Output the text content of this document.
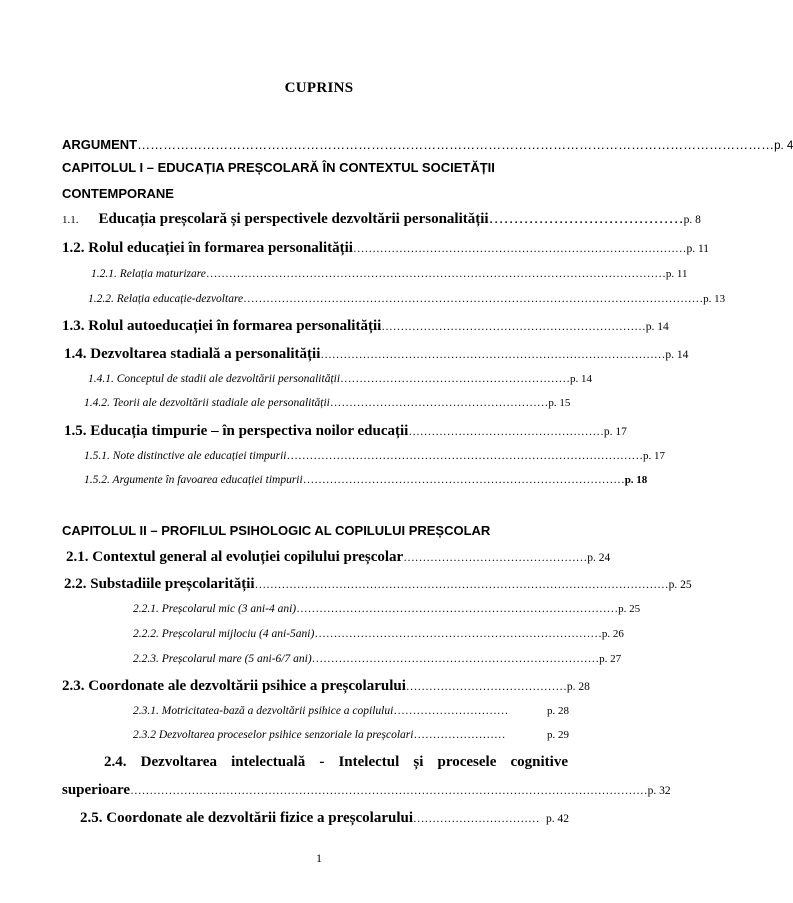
CUPRINS
ARGUMENT ………………………………………………………………………………………………………………………………… p. 4
CAPITOLUL I – EDUCAȚIA PREȘCOLARĂ ÎN CONTEXTUL SOCIETĂȚII
CONTEMPORANE
1.1. Educația preșcolară și perspectivele dezvoltării personalității ………………………………… p. 8
1.2. Rolul educației în formarea personalității …………………………………………………………………………… p. 11
1.2.1. Relația maturizare ………………………………………………………………………………………………………… p. 11
1.2.2. Relația educație-dezvoltare ………………………………………………………………………………………………………… p. 13
1.3. Rolul autoeducației în formarea personalității …………………………………………………………… p. 14
1.4. Dezvoltarea stadială a personalității ……………………………………………………………………………… p. 14
1.4.1. Conceptul de stadii ale dezvoltării personalității …………………………………………………… p. 14
1.4.2. Teorii ale dezvoltării stadiale ale personalității ………………………………………………… p. 15
1.5. Educația timpurie – în perspectiva noilor educații …………………………………………… p. 17
1.5.1. Note distinctive ale educației timpurii ………………………………………………………………………………… p. 17
1.5.2. Argumente în favoarea educației timpurii ………………………………………………………………………… p. 18
CAPITOLUL II – PROFILUL PSIHOLOGIC AL COPILULUI PREȘCOLAR
2.1. Contextul general al evoluției copilului preșcolar ………………………………………… p. 24
2.2. Substadiile preșcolarității ……………………………………………………………………………………………… p. 25
2.2.1. Preșcolarul mic (3 ani-4 ani) ………………………………………………………………………… p. 25
2.2.2. Preșcolarul mijlociu (4 ani-5ani) ………………………………………………………………… p. 26
2.2.3. Preșcolarul mare (5 ani-6/7 ani) ………………………………………………………………… p. 27
2.3. Coordonate ale dezvoltării psihice a preșcolarului …………………………………… p. 28
2.3.1. Motricitatea-bază a dezvoltării psihice a copilului …………………………	p. 28
2.3.2 Dezvoltarea proceselor psihice senzoriale la preșcolari ……………………	p. 29
2.4. Dezvoltarea intelectuală - Intelectul și procesele cognitive
superioare ……………………………………………………………………………………………………………………… p. 32
2.5. Coordonate ale dezvoltării fizice a preșcolarului …………………………… p. 42
1
